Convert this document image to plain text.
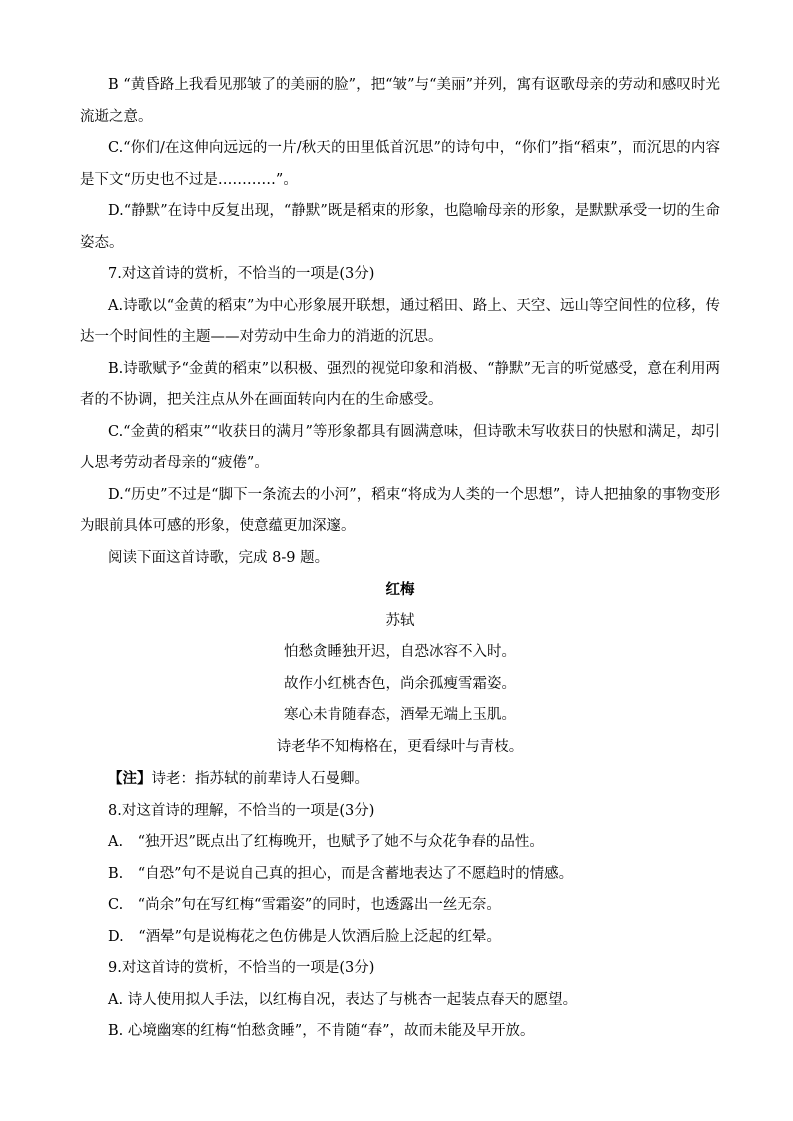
B “黄昏路上我看见那皱了的美丽的脸”，把“皱”与“美丽”并列，寓有讴歌母亲的劳动和感叹时光流逝之意。

C.“你们/在这伸向远远的一片/秋天的田里低首沉思”的诗句中，“你们”指“稻束”，而沉思的内容是下文“历史也不过是…………”。

D.“静默”在诗中反复出现，“静默”既是稻束的形象，也隐喻母亲的形象，是默默承受一切的生命姿态。

7.对这首诗的赏析，不恰当的一项是(3分)

A.诗歌以“金黄的稻束”为中心形象展开联想，通过稻田、路上、天空、远山等空间性的位移，传达一个时间性的主题——对劳动中生命力的消逝的沉思。

B.诗歌赋予“金黄的稻束”以积极、强烈的视觉印象和消极、“静默”无言的听觉感受，意在利用两者的不协调，把关注点从外在画面转向内在的生命感受。

C.“金黄的稻束”“收获日的满月”等形象都具有圆满意味，但诗歌未写收获日的快慰和满足，却引人思考劳动者母亲的“疲倦”。

D.“历史”不过是“脚下一条流去的小河”，稻束“将成为人类的一个思想”，诗人把抽象的事物变形为眼前具体可感的形象，使意蕴更加深邃。

阅读下面这首诗歌，完成 8-9 题。

红梅

苏轼

怕愁贪睡独开迟，自恐冰容不入时。

故作小红桃杏色，尚余孤瘦雪霜姿。

寒心未肯随春态，酒晕无端上玉肌。

诗老华不知梅格在，更看绿叶与青枝。

【注】诗老：指苏轼的前辈诗人石曼卿。

8.对这首诗的理解，不恰当的一项是(3分)

A.　“独开迟”既点出了红梅晚开，也赋予了她不与众花争春的品性。

B.　“自恐”句不是说自己真的担心，而是含蓄地表达了不愿趋时的情感。

C.　“尚余”句在写红梅“雪霜姿”的同时，也透露出一丝无奈。

D.　“酒晕”句是说梅花之色仿佛是人饮酒后脸上泛起的红晕。

9.对这首诗的赏析，不恰当的一项是(3分)

A. 诗人使用拟人手法，以红梅自况，表达了与桃杏一起装点春天的愿望。

B. 心境幽寒的红梅“怕愁贪睡”，不肯随“春”，故而未能及早开放。
